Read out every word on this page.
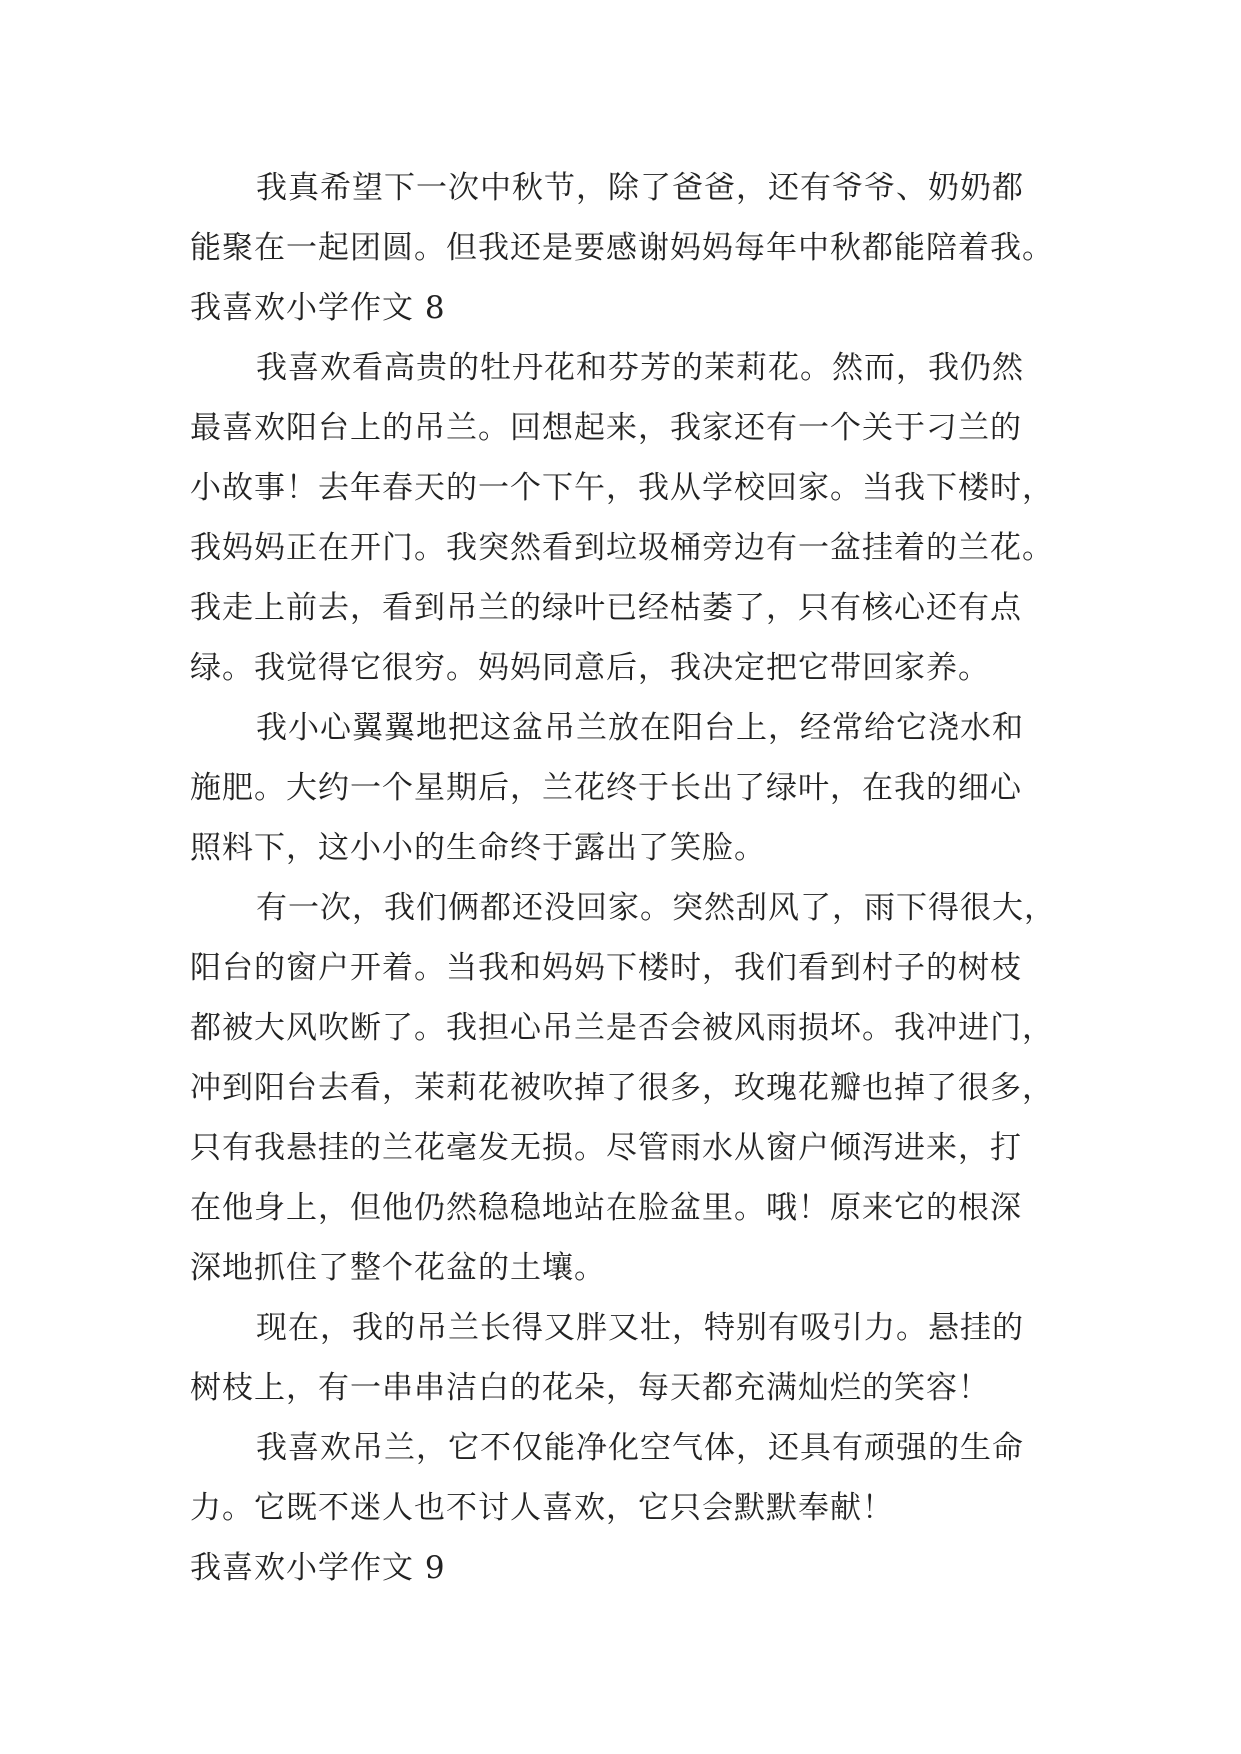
我真希望下一次中秋节，除了爸爸，还有爷爷、奶奶都
能聚在一起团圆。但我还是要感谢妈妈每年中秋都能陪着我。
我喜欢小学作文 8
我喜欢看高贵的牡丹花和芬芳的茉莉花。然而，我仍然
最喜欢阳台上的吊兰。回想起来，我家还有一个关于刁兰的
小故事！去年春天的一个下午，我从学校回家。当我下楼时，
我妈妈正在开门。我突然看到垃圾桶旁边有一盆挂着的兰花。
我走上前去，看到吊兰的绿叶已经枯萎了，只有核心还有点
绿。我觉得它很穷。妈妈同意后，我决定把它带回家养。
我小心翼翼地把这盆吊兰放在阳台上，经常给它浇水和
施肥。大约一个星期后，兰花终于长出了绿叶，在我的细心
照料下，这小小的生命终于露出了笑脸。
有一次，我们俩都还没回家。突然刮风了，雨下得很大，
阳台的窗户开着。当我和妈妈下楼时，我们看到村子的树枝
都被大风吹断了。我担心吊兰是否会被风雨损坏。我冲进门，
冲到阳台去看，茉莉花被吹掉了很多，玫瑰花瓣也掉了很多，
只有我悬挂的兰花毫发无损。尽管雨水从窗户倾泻进来，打
在他身上，但他仍然稳稳地站在脸盆里。哦！原来它的根深
深地抓住了整个花盆的土壤。
现在，我的吊兰长得又胖又壮，特别有吸引力。悬挂的
树枝上，有一串串洁白的花朵，每天都充满灿烂的笑容！
我喜欢吊兰，它不仅能净化空气体，还具有顽强的生命
力。它既不迷人也不讨人喜欢，它只会默默奉献！
我喜欢小学作文 9
